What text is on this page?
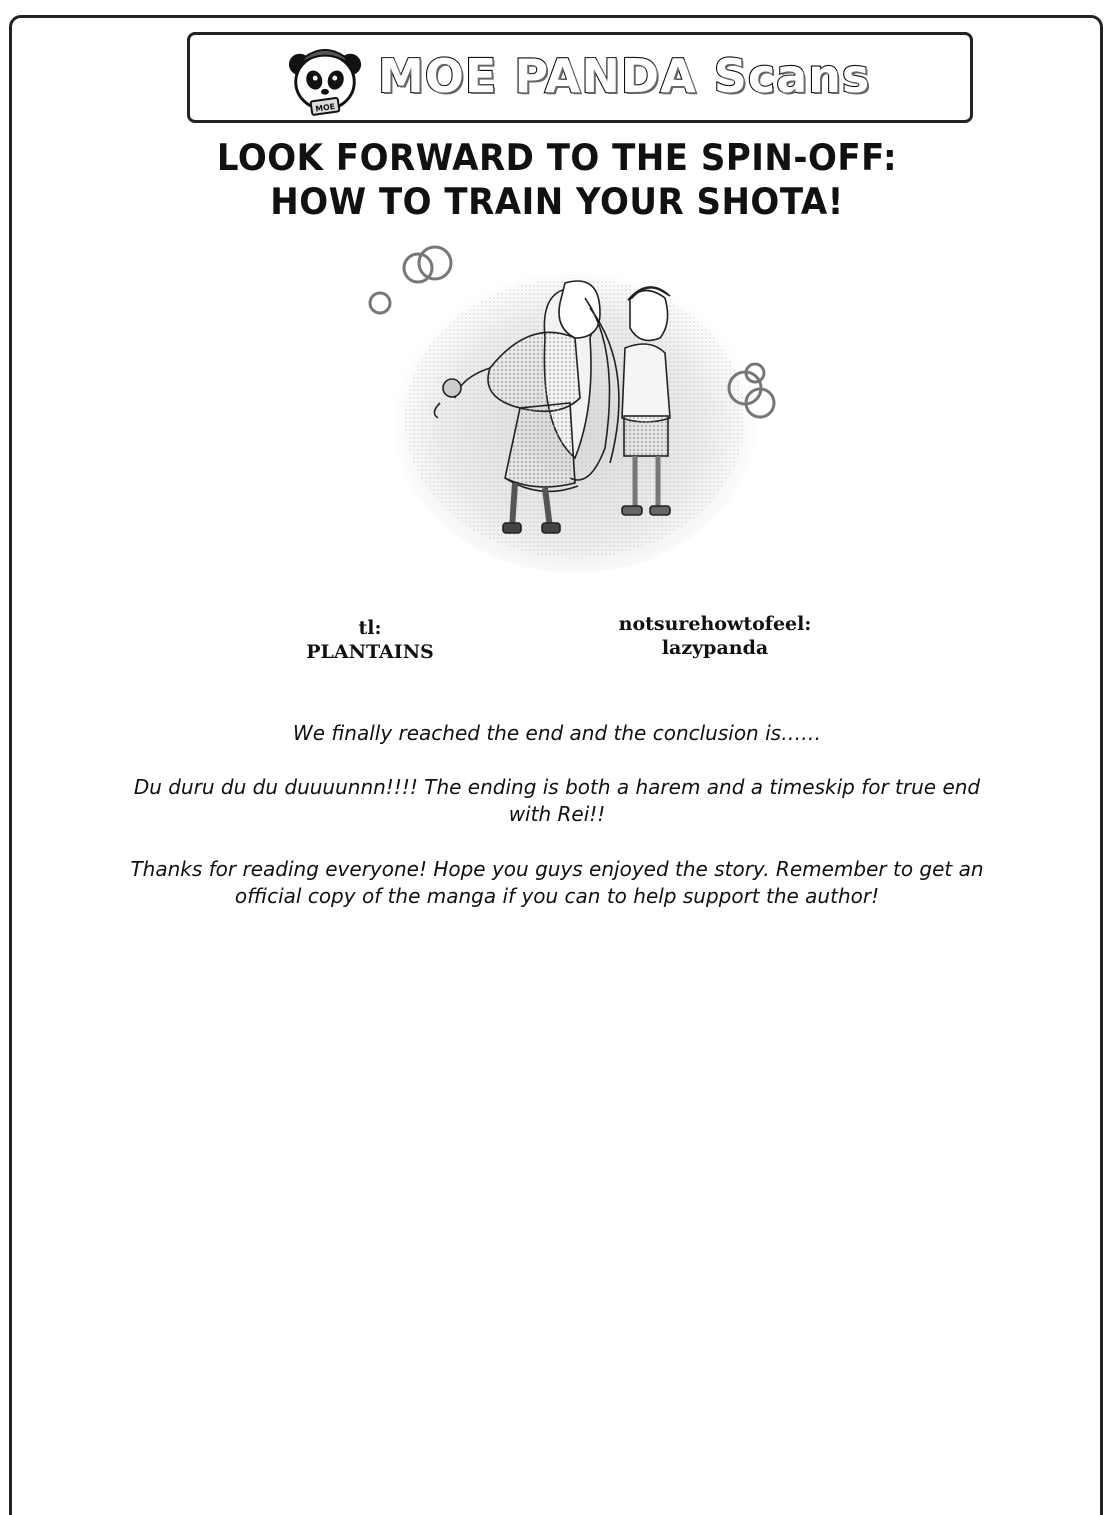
MOE
MOE PANDA Scans
LOOK FORWARD TO THE SPIN-OFF:
HOW TO TRAIN YOUR SHOTA!
tl:
PLANTAINS
notsurehowtofeel:
lazypanda
We finally reached the end and the conclusion is……
Du duru du du duuuunnn!!!! The ending is both a harem and a timeskip for true end with Rei!!
Thanks for reading everyone! Hope you guys enjoyed the story. Remember to get an official copy of the manga if you can to help support the author!
